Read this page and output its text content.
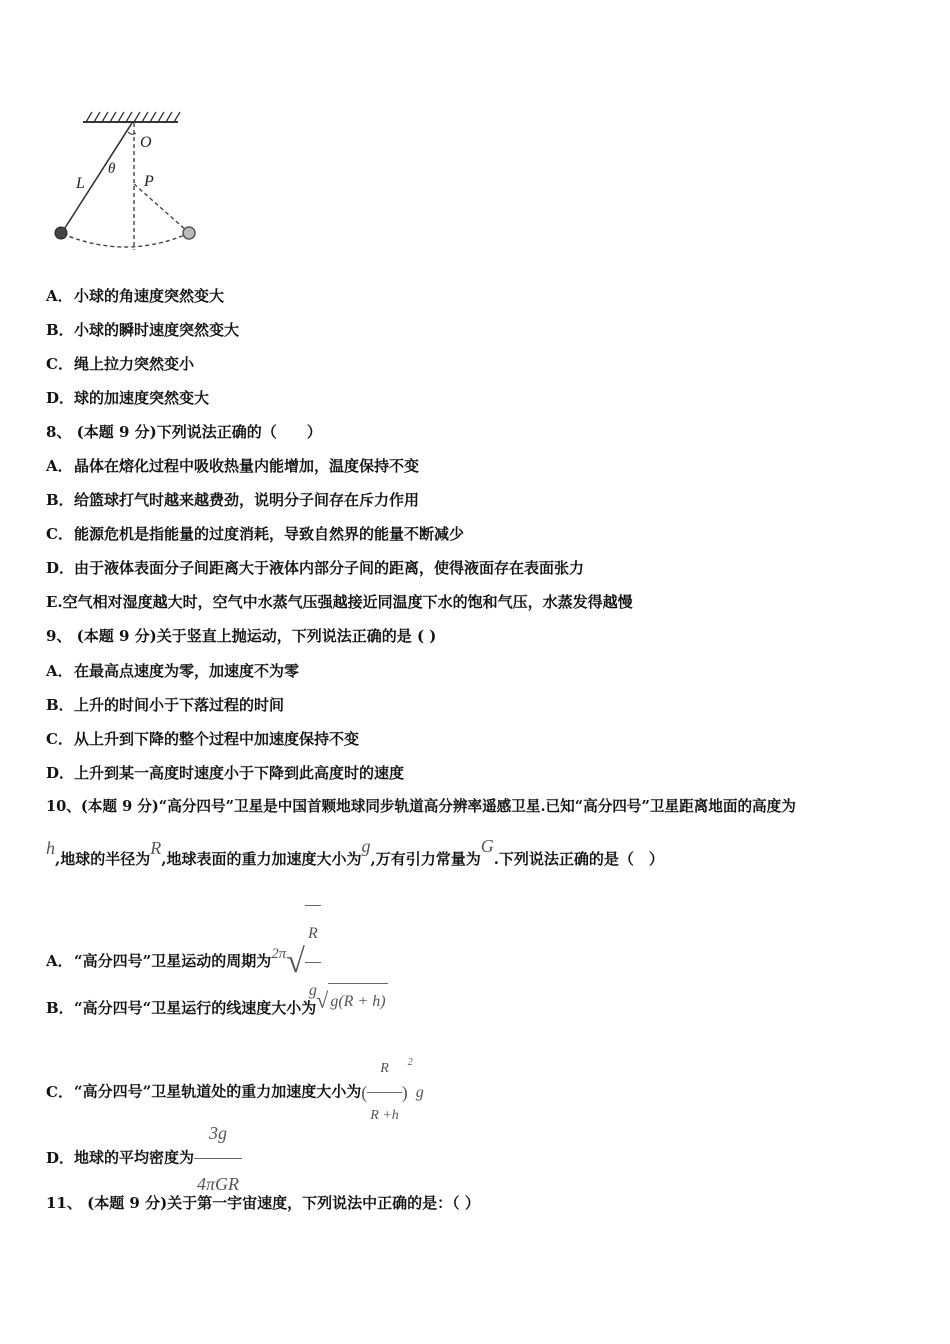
O
L
θ
P
A．小球的角速度突然变大
B．小球的瞬时速度突然变大
C．绳上拉力突然变小
D．球的加速度突然变大
8、 (本题 9 分)下列说法正确的（　　）
A．晶体在熔化过程中吸收热量内能增加，温度保持不变
B．给篮球打气时越来越费劲，说明分子间存在斥力作用
C．能源危机是指能量的过度消耗，导致自然界的能量不断减少
D．由于液体表面分子间距离大于液体内部分子间的距离，使得液面存在表面张力
E.空气相对湿度越大时，空气中水蒸气压强越接近同温度下水的饱和气压，水蒸发得越慢
9、 (本题 9 分)关于竖直上抛运动，下列说法正确的是 ( )
A．在最高点速度为零，加速度不为零
B．上升的时间小于下落过程的时间
C．从上升到下降的整个过程中加速度保持不变
D．上升到某一高度时速度小于下降到此高度时的速度
10、(本题 9 分)“高分四号”卫星是中国首颗地球同步轨道高分辨率遥感卫星.已知“高分四号”卫星距离地面的高度为
h,地球的半径为R,地球表面的重力加速度大小为g,万有引力常量为G.下列说法正确的是（　）
A．“高分四号”卫星运动的周期为$2\pi√ \frac{R}{g}$
B．“高分四号“卫星运行的线速度大小为√ g(R + h)
C．“高分四号”卫星轨道处的重力加速度大小为( $\frac{R}{R +h} )^2g$
D．地球的平均密度为 $\frac{3g}{\text{4πGR}}$
11、 (本题 9 分)关于第一宇宙速度，下列说法中正确的是：（ ）
